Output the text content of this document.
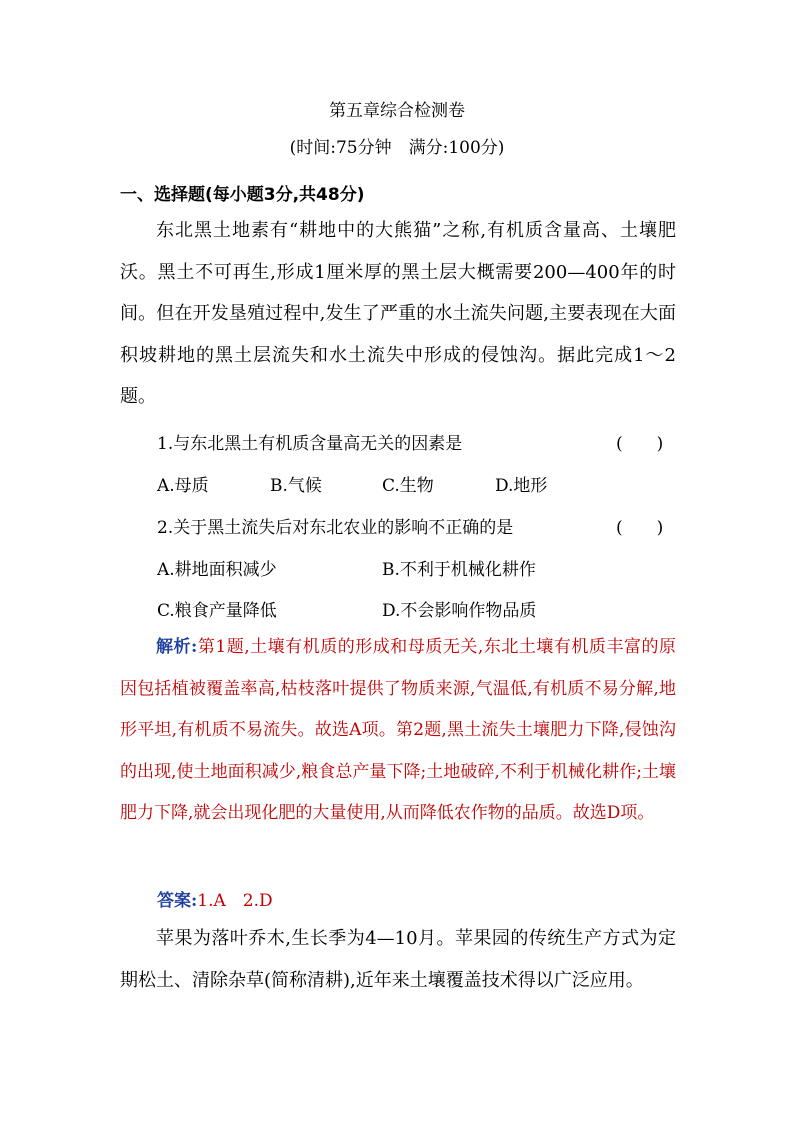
第五章综合检测卷
(时间:75分钟　满分:100分)
一、选择题(每小题3分,共48分)

东北黑土地素有“耕地中的大熊猫”之称,有机质含量高、土壤肥沃。黑土不可再生,形成1厘米厚的黑土层大概需要200—400年的时间。但在开发垦殖过程中,发生了严重的水土流失问题,主要表现在大面积坡耕地的黑土层流失和水土流失中形成的侵蚀沟。据此完成1～2题。

1.与东北黑土有机质含量高无关的因素是	(　　)
A.母质	B.气候	C.生物	D.地形
2.关于黑土流失后对东北农业的影响不正确的是	(　　)
A.耕地面积减少	B.不利于机械化耕作
C.粮食产量降低	D.不会影响作物品质

解析:第1题,土壤有机质的形成和母质无关,东北土壤有机质丰富的原因包括植被覆盖率高,枯枝落叶提供了物质来源,气温低,有机质不易分解,地形平坦,有机质不易流失。故选A项。第2题,黑土流失土壤肥力下降,侵蚀沟的出现,使土地面积减少,粮食总产量下降;土地破碎,不利于机械化耕作;土壤肥力下降,就会出现化肥的大量使用,从而降低农作物的品质。故选D项。

答案:1.A　2.D

苹果为落叶乔木,生长季为4—10月。苹果园的传统生产方式为定期松土、清除杂草(简称清耕),近年来土壤覆盖技术得以广泛应用。
